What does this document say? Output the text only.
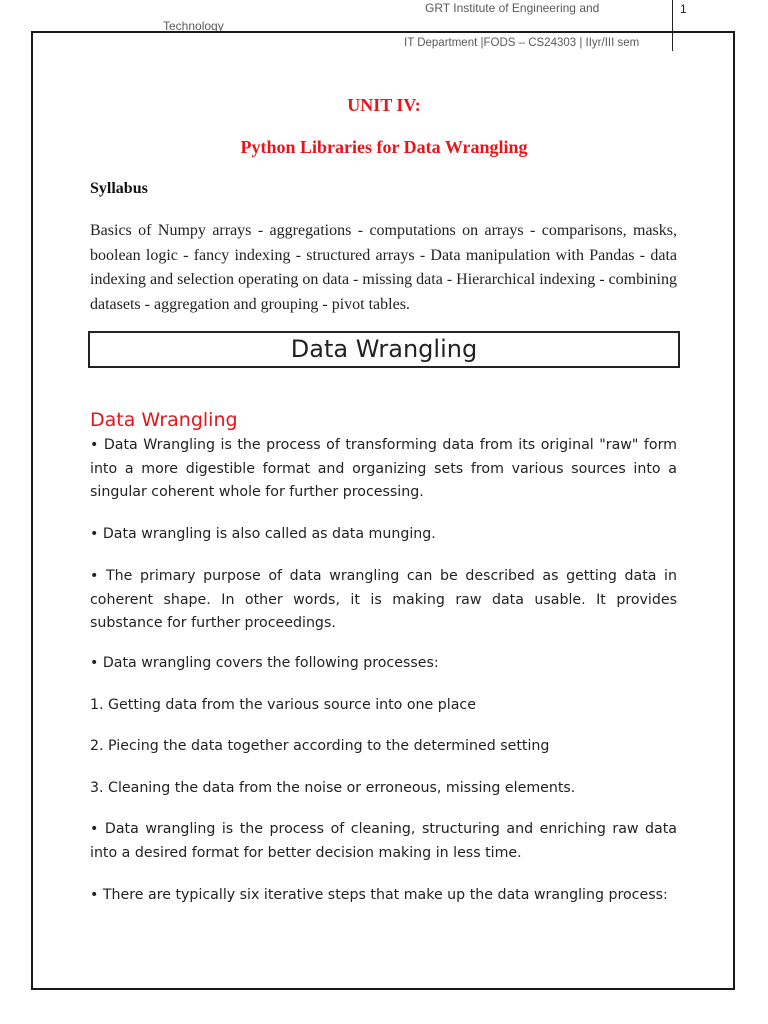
GRT Institute of Engineering and
Technology
1
IT Department |FODS – CS24303 | IIyr/III sem
UNIT IV:
Python Libraries for Data Wrangling
Syllabus
Basics of Numpy arrays - aggregations - computations on arrays - comparisons, masks, boolean logic - fancy indexing - structured arrays - Data manipulation with Pandas - data indexing and selection operating on data - missing data - Hierarchical indexing - combining datasets - aggregation and grouping - pivot tables.
Data Wrangling
Data Wrangling
• Data Wrangling is the process of transforming data from its original "raw" form into a more digestible format and organizing sets from various sources into a singular coherent whole for further processing.
• Data wrangling is also called as data munging.
• The primary purpose of data wrangling can be described as getting data in coherent shape. In other words, it is making raw data usable. It provides substance for further proceedings.
• Data wrangling covers the following processes:
1. Getting data from the various source into one place
2. Piecing the data together according to the determined setting
3. Cleaning the data from the noise or erroneous, missing elements.
• Data wrangling is the process of cleaning, structuring and enriching raw data into a desired format for better decision making in less time.
• There are typically six iterative steps that make up the data wrangling process:
